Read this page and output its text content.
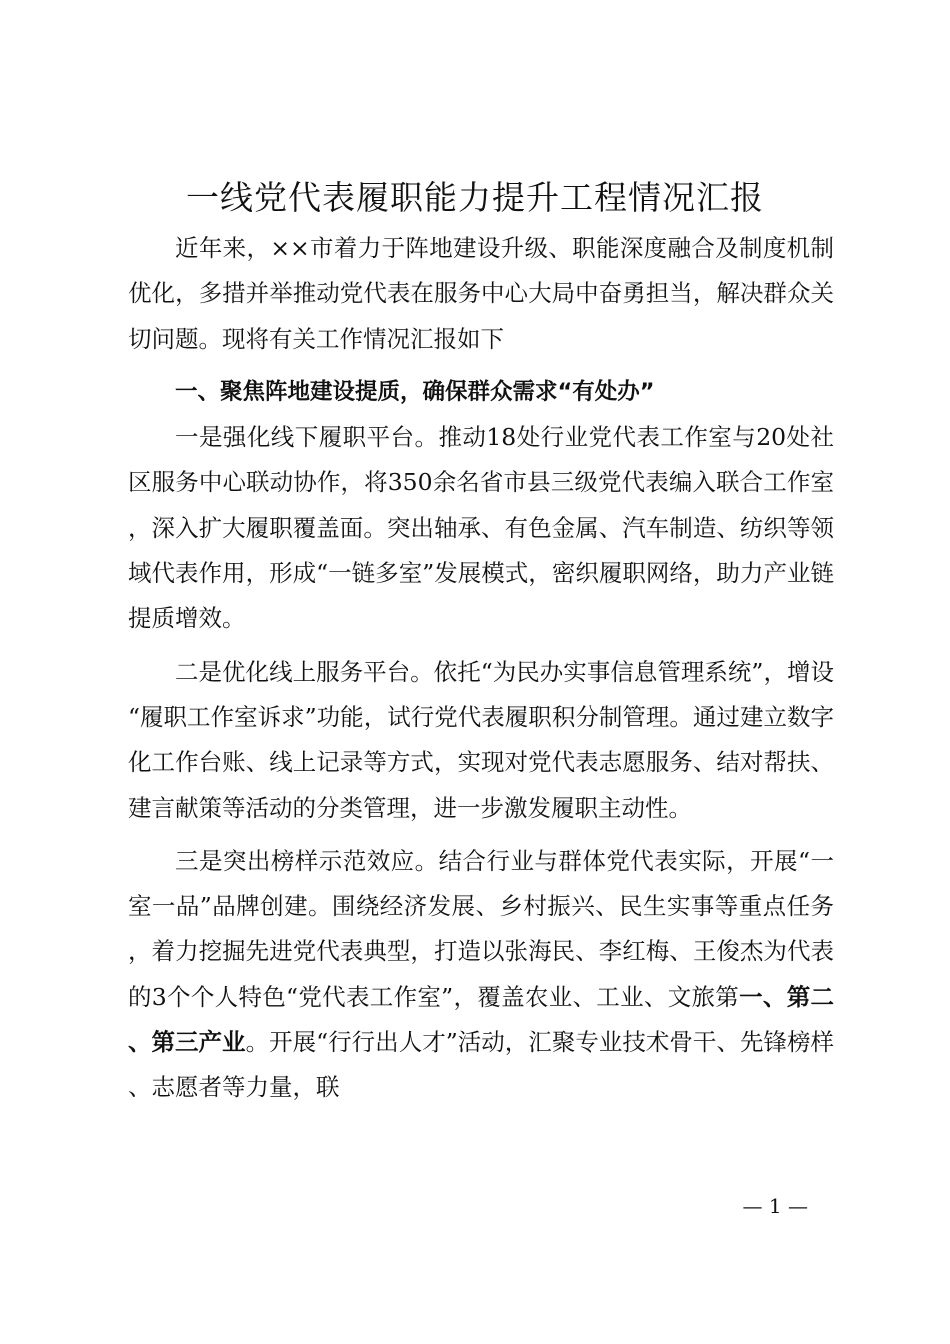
一线党代表履职能力提升工程情况汇报

近年来，××市着力于阵地建设升级、职能深度融合及制度机制优化，多措并举推动党代表在服务中心大局中奋勇担当，解决群众关切问题。现将有关工作情况汇报如下

一、聚焦阵地建设提质，确保群众需求“有处办”

一是强化线下履职平台。推动18处行业党代表工作室与20处社区服务中心联动协作，将350余名省市县三级党代表编入联合工作室，深入扩大履职覆盖面。突出轴承、有色金属、汽车制造、纺织等领域代表作用，形成“一链多室”发展模式，密织履职网络，助力产业链提质增效。

二是优化线上服务平台。依托“为民办实事信息管理系统”，增设“履职工作室诉求”功能，试行党代表履职积分制管理。通过建立数字化工作台账、线上记录等方式，实现对党代表志愿服务、结对帮扶、建言献策等活动的分类管理，进一步激发履职主动性。

三是突出榜样示范效应。结合行业与群体党代表实际，开展“一室一品”品牌创建。围绕经济发展、乡村振兴、民生实事等重点任务，着力挖掘先进党代表典型，打造以张海民、李红梅、王俊杰为代表的3个个人特色“党代表工作室”，覆盖农业、工业、文旅第一、第二、第三产业。开展“行行出人才”活动，汇聚专业技术骨干、先锋榜样、志愿者等力量，联

— 1 —
